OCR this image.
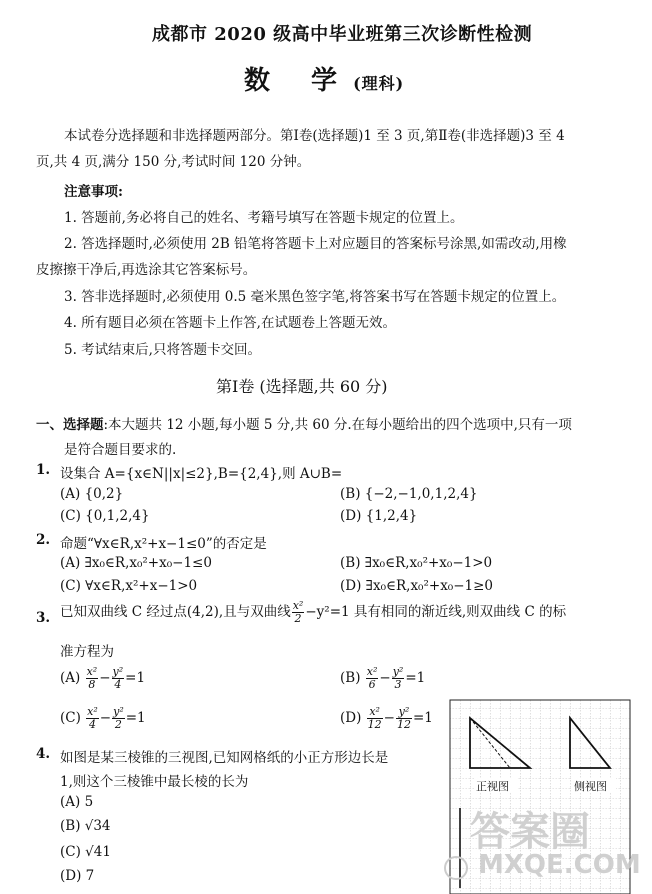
成都市 2020 级高中毕业班第三次诊断性检测
数 学(理科)
本试卷分选择题和非选择题两部分。第Ⅰ卷(选择题)1 至 3 页,第Ⅱ卷(非选择题)3 至 4
页,共 4 页,满分 150 分,考试时间 120 分钟。
注意事项:
1. 答题前,务必将自己的姓名、考籍号填写在答题卡规定的位置上。
2. 答选择题时,必须使用 2B 铅笔将答题卡上对应题目的答案标号涂黑,如需改动,用橡
皮擦擦干净后,再选涂其它答案标号。
3. 答非选择题时,必须使用 0.5 毫米黑色签字笔,将答案书写在答题卡规定的位置上。
4. 所有题目必须在答题卡上作答,在试题卷上答题无效。
5. 考试结束后,只将答题卡交回。
第Ⅰ卷 (选择题,共 60 分)
一、选择题:本大题共 12 小题,每小题 5 分,共 60 分.在每小题给出的四个选项中,只有一项
是符合题目要求的.
1. 设集合 A={x∈N||x|≤2},B={2,4},则 A∪B=
(A) {0,2}	(B) {−2,−1,0,1,2,4}
(C) {0,1,2,4}	(D) {1,2,4}
2. 命题“∀x∈R,x²+x−1≤0”的否定是
(A) ∃x₀∈R,x₀²+x₀−1≤0	(B) ∃x₀∈R,x₀²+x₀−1>0
(C) ∀x∈R,x²+x−1>0	(D) ∃x₀∈R,x₀²+x₀−1≥0
3. 已知双曲线 C 经过点(4,2),且与双曲线 $\frac{\text{x²}}{2} -y^2=1$ 具有相同的渐近线,则双曲线 C 的标
准方程为
$(A) \frac{\text{x²}}{8} - \frac{\text{y²}}{4} =1$	$(B) \frac{\text{x²}}{6} - \frac{\text{y²}}{3} =1$
$(C) \frac{\text{x²}}{4} - \frac{\text{y²}}{2} =1$	$(D) \frac{\text{x²}}{12} - \frac{\text{y²}}{12} =1$
4. 如图是某三棱锥的三视图,已知网格纸的小正方形边长是
1,则这个三棱锥中最长棱的长为
(A) 5
(B) √34
(C) √41
(D) 7
正视图	侧视图
答案圈
MXQE.COM
